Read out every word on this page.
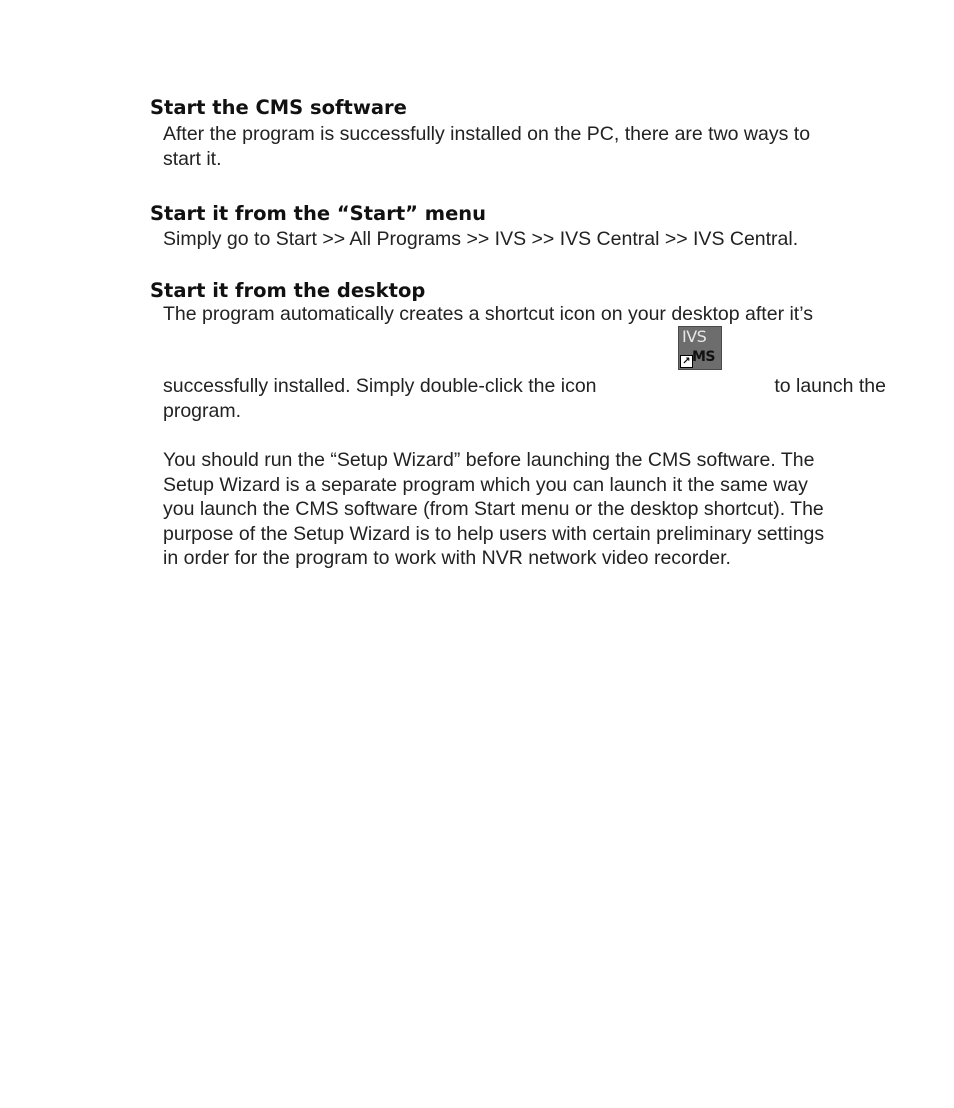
Start the CMS software

After the program is successfully installed on the PC, there are two ways to
start it.

Start it from the “Start” menu

Simply go to Start >> All Programs >> IVS >> IVS Central >> IVS Central.

Start it from the desktop

The program automatically creates a shortcut icon on your desktop after it’s

IVS
↗ MS
successfully installed. Simply double-click the icon	to launch the

program.

You should run the “Setup Wizard” before launching the CMS software. The
Setup Wizard is a separate program which you can launch it the same way
you launch the CMS software (from Start menu or the desktop shortcut). The
purpose of the Setup Wizard is to help users with certain preliminary settings
in order for the program to work with NVR network video recorder.
